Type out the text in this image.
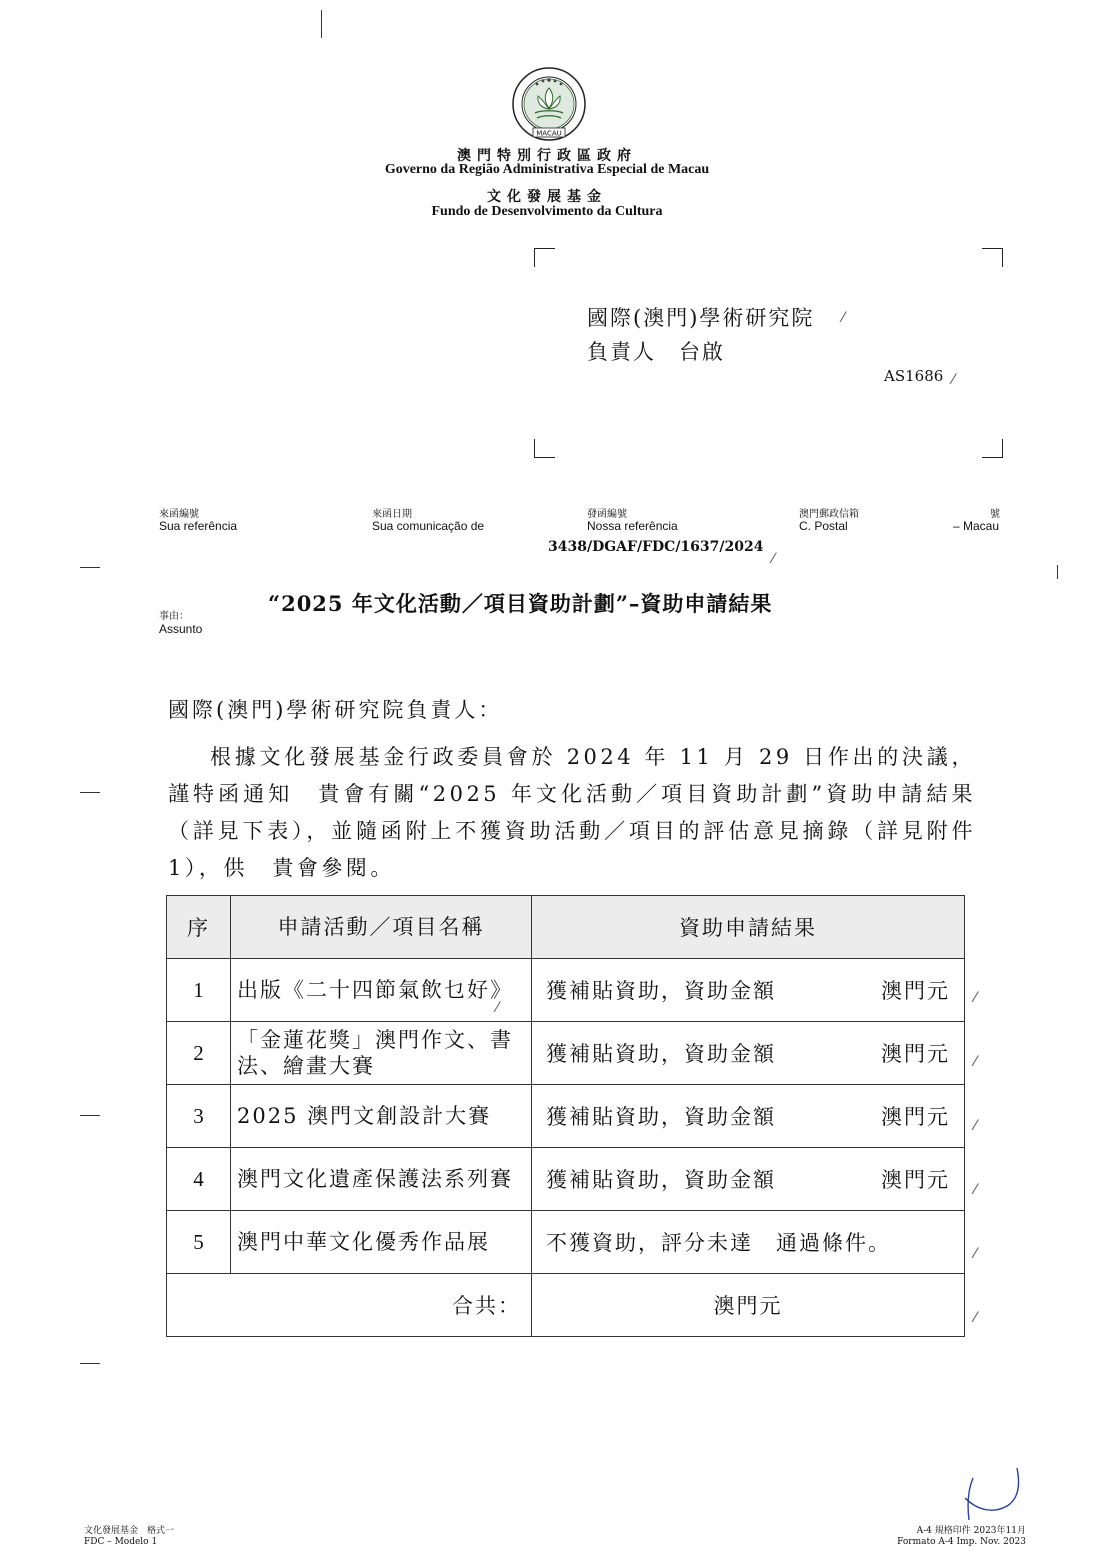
MACAU
澳門特別行政區政府
Governo da Região Administrativa Especial de Macau
文化發展基金
Fundo de Desenvolvimento da Cultura
國際(澳門)學術研究院
負責人　台啟
AS1686
⁄
⁄
來函編號
Sua referência
來函日期
Sua comunicação de
發函編號
Nossa referência
澳門郵政信箱
C. Postal
號
– Macau
3438/DGAF/FDC/1637/2024
⁄
“2025 年文化活動／項目資助計劃”–資助申請結果
事由：
Assunto
國際(澳門)學術研究院負責人：
根據文化發展基金行政委員會於 2024 年 11 月 29 日作出的決議，謹特函通知　貴會有關“2025 年文化活動／項目資助計劃”資助申請結果（詳見下表），並隨函附上不獲資助活動／項目的評估意見摘錄（詳見附件 1），供　貴會參閱。
序	申請活動／項目名稱	資助申請結果
1	出版《二十四節氣飲乜好》	獲補貼資助，資助金額 澳門元

2	「金蓮花獎」澳門作文、書法、繪畫大賽	獲補貼資助，資助金額 澳門元

3	2025 澳門文創設計大賽	獲補貼資助，資助金額 澳門元

4	澳門文化遺產保護法系列賽	獲補貼資助，資助金額 澳門元

5	澳門中華文化優秀作品展	不獲資助，評分未達　通過條件。

合共：		澳門元
⁄
⁄
⁄
⁄
⁄
⁄
⁄
文化發展基金　格式一
FDC – Modelo 1
A-4 規格印件 2023年11月
Formato A-4 Imp. Nov. 2023
